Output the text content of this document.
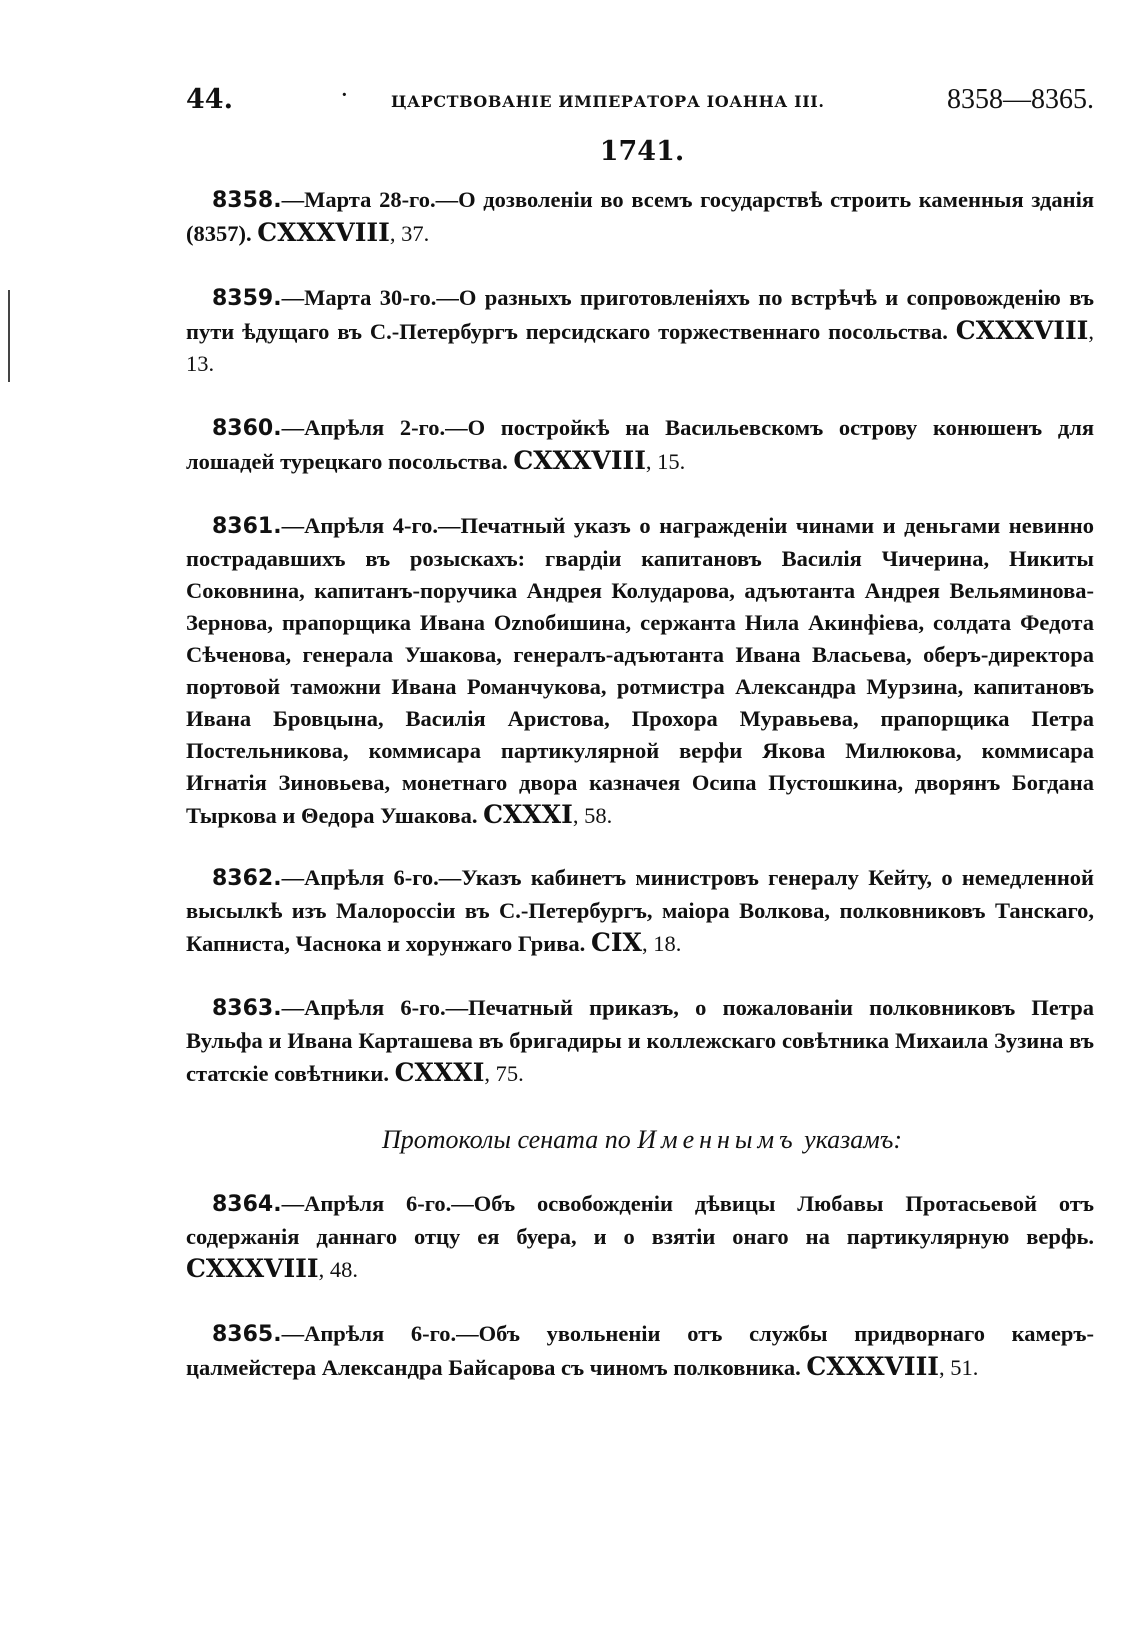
44.	·	ЦАРСТВОВАНІЕ ИМПЕРАТОРА ІОАННА III.	8358—8365.
1741.
8358.—Марта 28-го.—О дозволеніи во всемъ государствѣ строить каменныя зданія (8357). CXXXVIII, 37.
8359.—Марта 30-го.—О разныхъ приготовленіяхъ по встрѣчѣ и сопровожденію въ пути ѣдущаго въ С.-Петербургъ персидскаго торжественнаго посольства. CXXXVIII, 13.
8360.—Апрѣля 2-го.—О постройкѣ на Васильевскомъ острову конюшенъ для лошадей турецкаго посольства. CXXXVIII, 15.
8361.—Апрѣля 4-го.—Печатный указъ о награжденіи чинами и деньгами невинно пострадавшихъ въ розыскахъ: гвардіи капитановъ Василія Чичерина, Никиты Соковнина, капитанъ-поручика Андрея Колударова, адъютанта Андрея Вельяминова-Зернова, прапорщика Ивана Оznобишина, сержанта Нила Акинфіева, солдата Федота Сѣченова, генерала Ушакова, генералъ-адъютанта Ивана Власьева, оберъ-директора портовой таможни Ивана Романчукова, ротмистра Александра Мурзина, капитановъ Ивана Бровцына, Василія Аристова, Прохора Муравьева, прапорщика Петра Постельникова, коммисара партикулярной верфи Якова Милюкова, коммисара Игнатія Зиновьева, монетнаго двора казначея Осипа Пустошкина, дворянъ Богдана Тыркова и Θедора Ушакова. CXXXI, 58.
8362.—Апрѣля 6-го.—Указъ кабинетъ министровъ генералу Кейту, о немедленной высылкѣ изъ Малороссіи въ С.-Петербургъ, маіора Волкова, полковниковъ Танскаго, Капниста, Часнока и хорунжаго Грива. CIX, 18.
8363.—Апрѣля 6-го.—Печатный приказъ, о пожалованіи полковниковъ Петра Вульфа и Ивана Карташева въ бригадиры и коллежскаго совѣтника Михаила Зузина въ статскіе совѣтники. CXXXI, 75.
Протоколы сената по Именнымъ указамъ:
8364.—Апрѣля 6-го.—Объ освобожденіи дѣвицы Любавы Протасьевой отъ содержанія даннаго отцу ея буера, и о взятіи онаго на партикулярную верфь. CXXXVIII, 48.
8365.—Апрѣля 6-го.—Объ увольненіи отъ службы придворнаго камеръ-цалмейстера Александра Байсарова съ чиномъ полковника. CXXXVIII, 51.
